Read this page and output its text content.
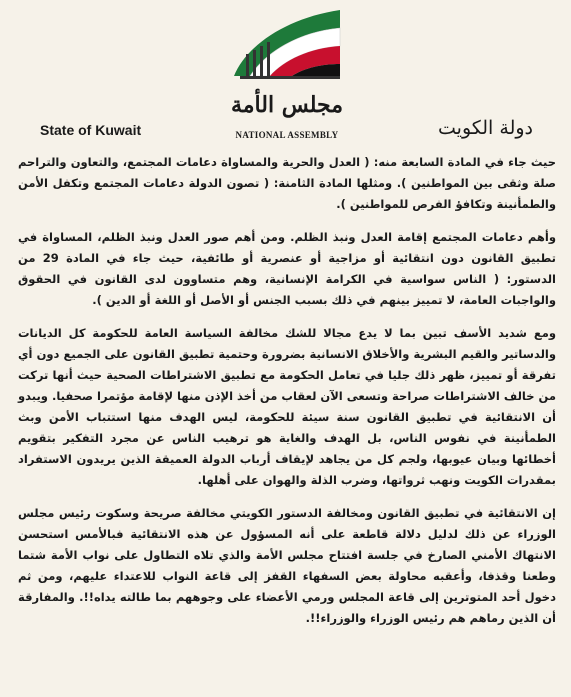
مجلس الأمة
NATIONAL ASSEMBLY
State of Kuwait	دولة الكويت

حيث جاء في المادة السابعة منه: ( العدل والحرية والمساواة دعامات المجتمع، والتعاون والتراحم صلة وثقى بين المواطنين ). ومثلها المادة الثامنة: ( تصون الدولة دعامات المجتمع وتكفل الأمن والطمأنينة وتكافؤ الفرص للمواطنين ).

وأهم دعامات المجتمع إقامة العدل ونبذ الظلم. ومن أهم صور العدل ونبذ الظلم، المساواة في تطبيق القانون دون انتقائية أو مزاجية أو عنصرية أو طائفية، حيث جاء في المادة 29 من الدستور: ( الناس سواسية في الكرامة الإنسانية، وهم متساوون لدى القانون في الحقوق والواجبات العامة، لا تمييز بينهم في ذلك بسبب الجنس أو الأصل أو اللغة أو الدين ).

ومع شديد الأسف تبين بما لا يدع مجالا للشك مخالفة السياسة العامة للحكومة كل الديانات والدساتير والقيم البشرية والأخلاق الانسانية بضرورة وحتمية تطبيق القانون على الجميع دون أي تفرقة أو تمييز، ظهر ذلك جليا في تعامل الحكومة مع تطبيق الاشتراطات الصحية حيث أنها تركت من خالف الاشتراطات صراحة وتسعى الآن لعقاب من أخذ الإذن منها لإقامة مؤتمرا صحفيا. ويبدو أن الانتقائية في تطبيق القانون سنة سيئة للحكومة، ليس الهدف منها استتباب الأمن وبث الطمأنينة في نفوس الناس، بل الهدف والغاية هو ترهيب الناس عن مجرد التفكير بتقويم أخطائها وبيان عيوبها، ولجم كل من يجاهد لإيقاف أرباب الدولة العميقة الذين يريدون الاستفراد بمقدرات الكويت ونهب ثرواتها، وضرب الذلة والهوان على أهلها.

إن الانتقائية في تطبيق القانون ومخالفة الدستور الكويتي مخالفة صريحة وسكوت رئيس مجلس الوزراء عن ذلك لدليل دلالة قاطعة على أنه المسؤول عن هذه الانتقائية فبالأمس استحسن الانتهاك الأمني الصارخ في جلسة افتتاح مجلس الأمة والذي تلاه التطاول على نواب الأمة شتما وطعنا وقذفا، وأعقبه محاولة بعض السفهاء القفز إلى قاعة النواب للاعتداء عليهم، ومن ثم دخول أحد المتوترين إلى قاعة المجلس ورمي الأعضاء على وجوههم بما طالته يداه!!. والمفارقة أن الذين رماهم هم رئيس الوزراء والوزراء!!.
